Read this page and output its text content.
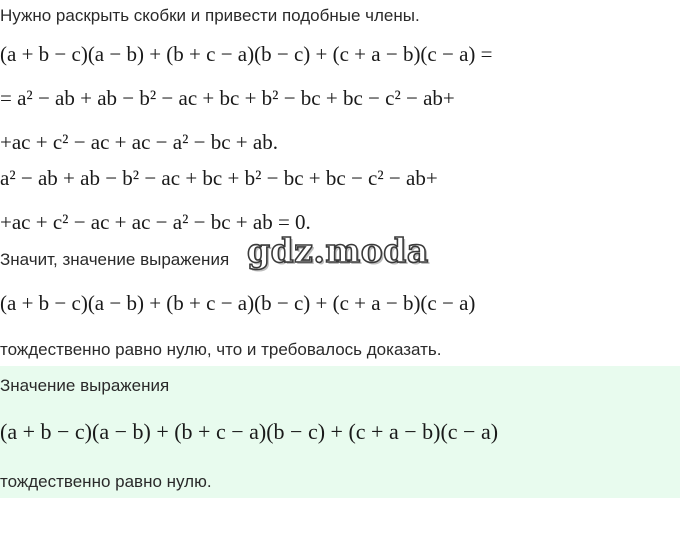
Нужно раскрыть скобки и привести подобные члены.

(a + b − c)(a − b) + (b + c − a)(b − c) + (c + a − b)(c − a) =

= a² − ab + ab − b² − ac + bc + b² − bc + bc − c² − ab+

+ac + c² − ac + ac − a² − bc + ab.

a² − ab + ab − b² − ac + bc + b² − bc + bc − c² − ab+

+ac + c² − ac + ac − a² − bc + ab = 0.

Значит, значение выражения gdz.moda

(a + b − c)(a − b) + (b + c − a)(b − c) + (c + a − b)(c − a)

тождественно равно нулю, что и требовалось доказать.

Значение выражения

(a + b − c)(a − b) + (b + c − a)(b − c) + (c + a − b)(c − a)

тождественно равно нулю.
